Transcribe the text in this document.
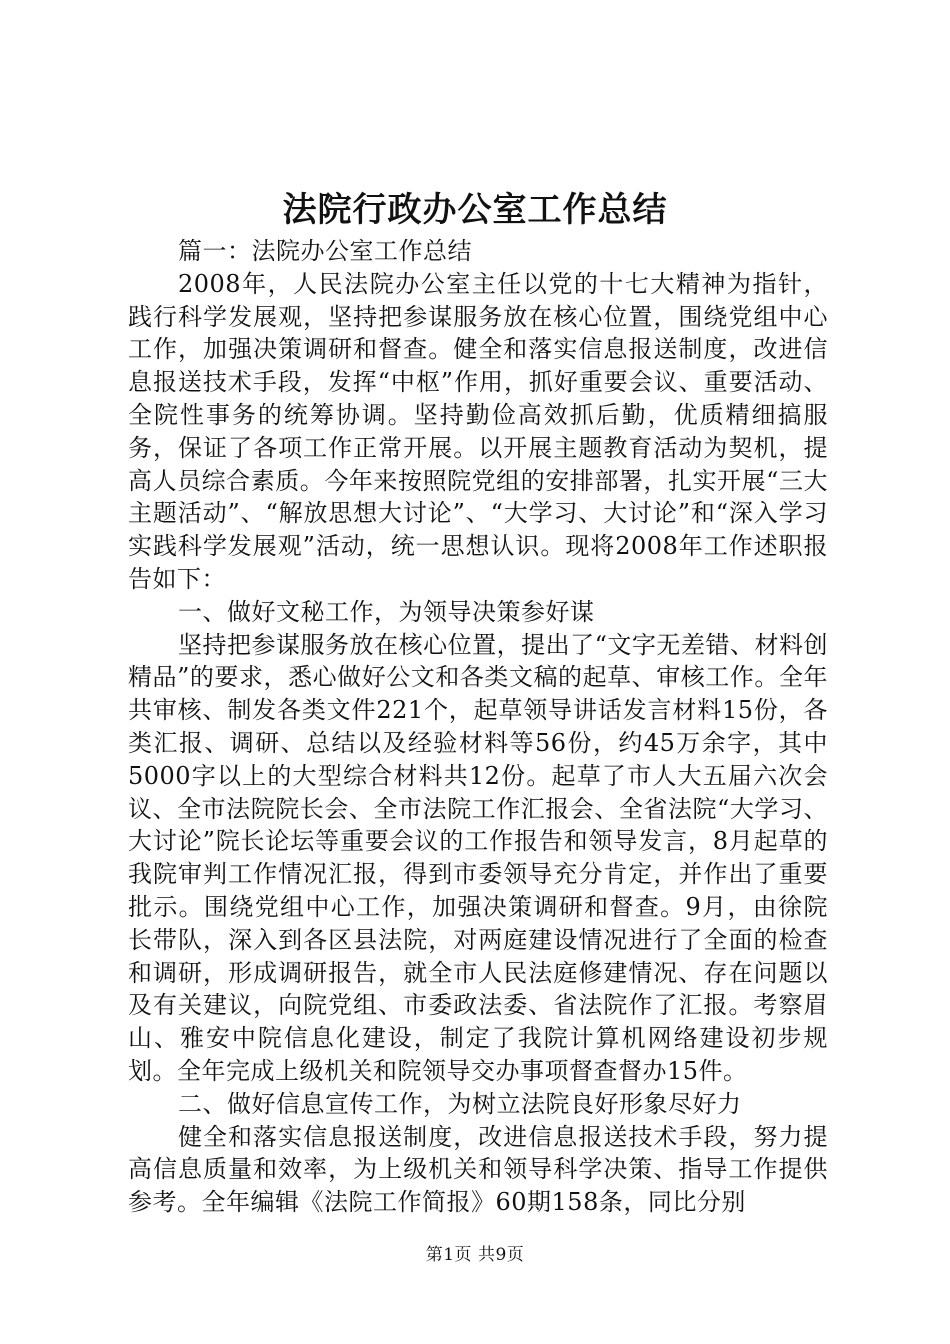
法院行政办公室工作总结

篇一：法院办公室工作总结

2008年，人民法院办公室主任以党的十七大精神为指针，践行科学发展观，坚持把参谋服务放在核心位置，围绕党组中心工作，加强决策调研和督查。健全和落实信息报送制度，改进信息报送技术手段，发挥“中枢”作用，抓好重要会议、重要活动、全院性事务的统筹协调。坚持勤俭高效抓后勤，优质精细搞服务，保证了各项工作正常开展。以开展主题教育活动为契机，提高人员综合素质。今年来按照院党组的安排部署，扎实开展“三大主题活动”、“解放思想大讨论”、“大学习、大讨论”和“深入学习实践科学发展观”活动，统一思想认识。现将2008年工作述职报告如下：

一、做好文秘工作，为领导决策参好谋

坚持把参谋服务放在核心位置，提出了“文字无差错、材料创精品”的要求，悉心做好公文和各类文稿的起草、审核工作。全年共审核、制发各类文件221个，起草领导讲话发言材料15份，各类汇报、调研、总结以及经验材料等56份，约45万余字，其中5000字以上的大型综合材料共12份。起草了市人大五届六次会议、全市法院院长会、全市法院工作汇报会、全省法院“大学习、大讨论”院长论坛等重要会议的工作报告和领导发言，8月起草的我院审判工作情况汇报，得到市委领导充分肯定，并作出了重要批示。围绕党组中心工作，加强决策调研和督查。9月，由徐院长带队，深入到各区县法院，对两庭建设情况进行了全面的检查和调研，形成调研报告，就全市人民法庭修建情况、存在问题以及有关建议，向院党组、市委政法委、省法院作了汇报。考察眉山、雅安中院信息化建设，制定了我院计算机网络建设初步规划。全年完成上级机关和院领导交办事项督查督办15件。

二、做好信息宣传工作，为树立法院良好形象尽好力

健全和落实信息报送制度，改进信息报送技术手段，努力提高信息质量和效率，为上级机关和领导科学决策、指导工作提供参考。全年编辑《法院工作简报》60期158条，同比分别

第1页 共9页
